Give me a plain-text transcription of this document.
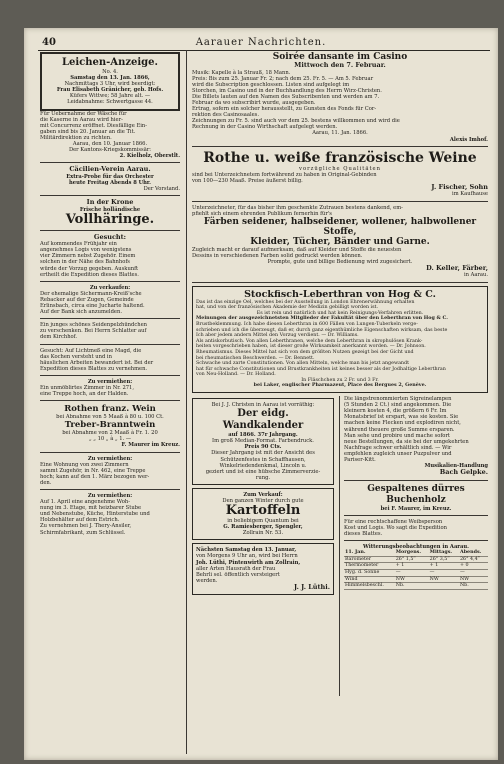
40	Aarauer Nachrichten.
Leichen-Anzeige.

No. 4.

Samstag den 13. Jan. 1866,

Nachmittags 3 Uhr, wird beerdigt:

Frau Elisabeth Gränicher, geb. Hofs.

Küfers Wittwe; 58 Jahre alt. —

Leidabnahme: Schwertgasse 44.

Für Uebernahme der Wäsche für

die Kaserne in Aarau wird hier-

mit Concurrenz eröffnet. Diesfällige Ein-

gaben sind bis 20. Januar an die Tit.

Militärdirektion zu richten.

Aarau, den 10. Januar 1866.

Der Kantons-Kriegskommissär:

2. Kielholz, Oberstlt.

Cäcilien-Verein Aarau.

Extra-Probe für das Orchester

heute Freitag Abends 8 Uhr.

Der Vorstand.

In der Krone

Frische holländische

Vollhäringe.

Gesucht:

Auf kommendes Frühjahr ein

angenehmes Logis von wenigstens

vier Zimmern nebst Zugehör. Einem

solchen in der Nähe des Bahnhofs

würde der Vorzug gegeben. Auskunft

ertheilt die Expedition dieses Blattes.

Zu verkaufen:

Der ehemalige Sichermann-Kreiß'sche

Rebacker auf der Zugen, Gemeinde

Erlinsbach, circa eine Jucharte haltend.

Auf der Bank sich anzumelden.

Ein junges schönes Seidenpelzhündchen

zu verschenken. Bei Herrn Schlatter auf

dem Kirchhof.

Gesucht: Auf Lichtmeß eine Magd, die

das Kochen versteht und in

häuslichen Arbeiten bewandert ist. Bei der

Expedition dieses Blattes zu vernehmen.

Zu vermiethen:

Ein unmöblirtes Zimmer in Nr. 271,

eine Treppe hoch, an der Halden.

Rothen franz. Wein

bei Abnahme von 5 Maaß à 80 u. 100 Ct.

Treber-Branntwein

bei Abnahme von 2 Maaß à Fr. 1. 20

„ „ 10 „ à „ 1. —

F. Maurer im Kreuz.

Zu vermiethen:

Eine Wohnung von zwei Zimmern

sammt Zugehör, in Nr. 462, eine Treppe

hoch; kann auf den 1. März bezogen wer-

den.

Zu vermiethen:

Auf 1. April eine angenehme Woh-

nung im 3. Etage, mit heizbarer Stube

und Nebenstube, Küche, Hinterstube und

Holzbehälter auf dem Estrich.

Zu vernehmen bei J. Thery-Ansiler,

Schirmfabrikant, zum Schlüssel.

Soirée dansante im Casino

Mittwoch den 7. Februar.

Musik: Kapelle à la Strauß, 18 Mann.

Preis: Bis zum 25. Januar Fr. 2; nach dem 25. Fr. 5. — Am 5. Februar

wird die Subscription geschlossen. Listen sind aufgelegt im

Storchen, im Casino und in der Buchhandlung des Herrn Wirz-Christen.

Die Billets lauten auf den Namen des Subscribenten und werden am 7.

Februar da wo subscribirt wurde, ausgegeben.

Ertrag, sofern ein solcher herausstellt, zu Gunsten des Fonds für Cor-

rektion des Casinosaales.

Zeichnungen zu Fr. 5. sind auch vor dem 25. bestens willkommen und wird die

Rechnung in der Casino Wirthschaft aufgelegt werden.

Aarau, 11. Jan. 1866.

Alexis Imhof.

Rothe u. weiße französische Weine

vorzügliche Qualitäten

sind bei Unterzeichnetem fortwährend zu haben in Original-Gebinden

von 100—230 Maaß. Preise äußerst billig.

J. Fischer, Sohn

im Kaufhause

Unterzeichneter, für das bisher ihm geschenkte Zutrauen bestens dankend, em-

pfiehlt sich einem ehrenden Publikum fernerhin für's

Färben seidener, halbseidener, wollener, halbwollener Stoffe,

Kleider, Tücher, Bänder und Garne.

Zugleich macht er darauf aufmerksam, daß auf Kleider und Stoffe die neuesten

Dessins in verschiedenen Farben solid gedruckt werden können.

Prompte, gute und billige Bedienung wird zugesichert.

D. Keller, Färber,

in Aarau.

Stockfisch-Leberthran von Hog & C.

Das ist das einzige Oel, welches bei der Ausstellung in London Ehrenerwähnung erhalten

hat, und von der französischen Akademie der Medizin gebilligt worden ist.

Es ist rein und natürlich und hat kein Reinigungs-Verfahren erlitten.

Meinungen der ausgezeichnetsten Mitglieder der Fakultät über den Leberthran von Hog & C.

Brustbeklemmung. Ich habe diesen Leberthran in 600 Fällen von Lungen-Tuberkeln verge-

schrieben und ich die überzeugt, daß er, durch ganz eigenthümliche Eigenschaften wirksam, das beste

Ich aber jedem andern Mittel den Vorzug verdient. — Dr. Williams.

Als antiskorbutisch. Von allen Leberthranen, welche dem Leberthran in skrophulösen Krank-

heiten vorgeschrieben haben, ist dieser große Wirksamkeit anerkannt worden. — Dr. Johnson.

Rheumatismus. Dieses Mittel hat sich von dem größten Nutzen gezeigt bei der Gicht und

bei rheumatischen Beschwerden. — Dr. Bennett.

Schwache und zarte Constitutionen. Von allen Mitteln, welche man bis jetzt angewandt

hat für schwache Constitutionen und Brustkrankheiten ist keines besser als der Jodhaltige Leberthran

von Neu-Holland. — Dr. Holland.

In Fläschchen zu 2 Fr. und 3 Fr.

bei Laker, englischer Pharmazeut, Place des Bergues 2, Genève.

Bei J. J. Christen in Aarau ist vorräthig:

Der eidg. Wandkalender

auf 1866. 37r Jahrgang.

Im groß Median-Format. Farbendruck.

Preis 90 Cts.

Dieser Jahrgang ist mit der Ansicht des

Schützenfestes in Schaffhausen,

Winkelriedendenkmal, Lincoln u.

geziert und ist eine hübsche Zimmerverzie-

rung.

Zum Verkauf:

Den ganzen Winter durch gute

Kartoffeln

in beliebigem Quantum bei

G. Ramiesberger, Spengler,

Zollrain Nr. 53.

Nächsten Samstag den 13. Januar,

von Morgens 9 Uhr an, wird bei Herrn

Joh. Lüthi, Pintenwirth am Zollrain,

aller Arten Hausrath der Frau

Behrli sel. öffentlich versteigert

werden.

J. J. Lüthi.

Die längstrenommierten Sigreinelampen

(5 Stunden 2 Ct.) sind angekommen. Die

kleinern kosten 4, die größern 6 Fr. Im

Monatsbrief ist erspart, was sie kosten. Sie

machen keine Flecken und explodiren nicht,

während theuere große Summe ersparen.

Man sehe und probire und mache sofort

neue Bestellungen, da sie bei der umgekehrten

Nachfrage schwer erhältlich sind. — Wir

empfehlen zugleich unser Puzpulver und

Pariser-Kitt.

Musikalien-Handlung

Bach Gelpke.

Gespaltenes dürres Buchenholz

bei F. Maurer, im Kreuz.

Für eine rechtschaffene Weibsperson

Kost und Logis. Wo sagt die Expedition

dieses Blattes.

Witterungsbeobachtungen in Aarau.

11. Jan.	Morgens.	Mittags.	Abends.
Barometer	26° 1,5‴	26° 3,5‴	26° 4,4‴
Thermometer	+ 1	+ 1	+ 0
Hyg. d. Sonne	—	—	—
Wind	NW	NW	NW
Himmelsbeschl.	Nb.		Nb.
